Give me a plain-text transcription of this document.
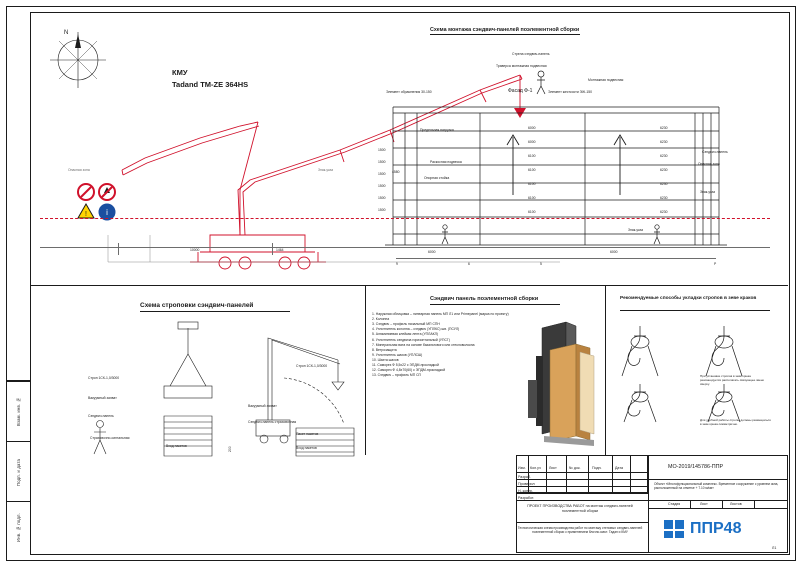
Взам. инв. №
Подп. и дата
Инв. № подл.
Схема монтажа сэндвич-панелей поэлементной сборки
N
КМУ
Tadand TM-ZE 364HS
Опасная зона	Знак-указ
! i
Фасад Ф-1
Стрела сэндвич-панель
Траверса монтажная подвесная
Монтажная подвесная
Предельная нагрузка
Раскосная подвеска
Опорная стойка
Сэндвич-панель
Опасная зона
Знак-указ
Знак-указ
Элемент обрамления 30-150	Элемент жесткости ЭЖ-150
1500
1500
1500
1500
1500
1500
4580
6000
6000
6100
6100
6100
6100
6100
6230
6230
6230
6230
6230
6230
6230
10000	1464	6000	6000
9	6	5	P
Схема строповки сэндвич-панелей
Строп 1СК-1,0/3000
Вакуумный захват
Сэндвич-панель
Страховочно-сигнальная
Вход пакетов
Строп 1СК-1,0/3000
Вакуумный захват
Сэндвич-панель страховочная
Пакет пакетов
Вход пакетов
200
Сэндвич панель поэлементной сборки
1. Наружная облицовка – линеарная панель МП Л1 или Primepanel (марка по проекту)
2. Колонна
3. Сэндвич – профиль начальный МП СПН
4. Уплотнитель колонна – сэндвич (УПЛКС) шв. (ПСУЛ)
5. Алюминиевая клейкая лента (УПЛАКЛ)
6. Уплотнитель сэндвича горизонтальный (УПСГ)
7. Минеральная вата на основе базальтового или стекловолокна
8. Ветрозащита
9. Уплотнитель шахов (УПЛСШ)
10. Шахта шахов
11. Саморез Ф 5,5х22 с ЭПДМ-прокладкой
12. Саморез Ф 4,8х70(60) с ЭПДМ-прокладкой
13. Сэндвич – профиль МП СП
Рекомендуемые способы укладки стропов в зеве краков
При установке стропов в зеве крюка рекомендуется располагать связующее звено сверху.
Для удобной работы стропы должны размещаться в зеве крюка симметрично.
Изм. Кол.уч Лист	№ док.	Подп.	Дата
Разраб.
Проверил
Н. контр.
Разработ.
МО-2019/145786-ППР
Объект «Многофункциональный комплекс. Временное сооружение с уровнем окна, расположенный на отметке + 7.10 м/км»
ПРОЕКТ ПРОИЗВОДСТВА РАБОТ на монтаж сэндвич-панелей поэлементной сборки
Стадия	Лист	Листов
Технологическая схема производства работ по монтажу стеновых сэндвич-панелей поэлементной сборки с применением блочно-мачт. Тадан и КМУ	ППР48
Л1
